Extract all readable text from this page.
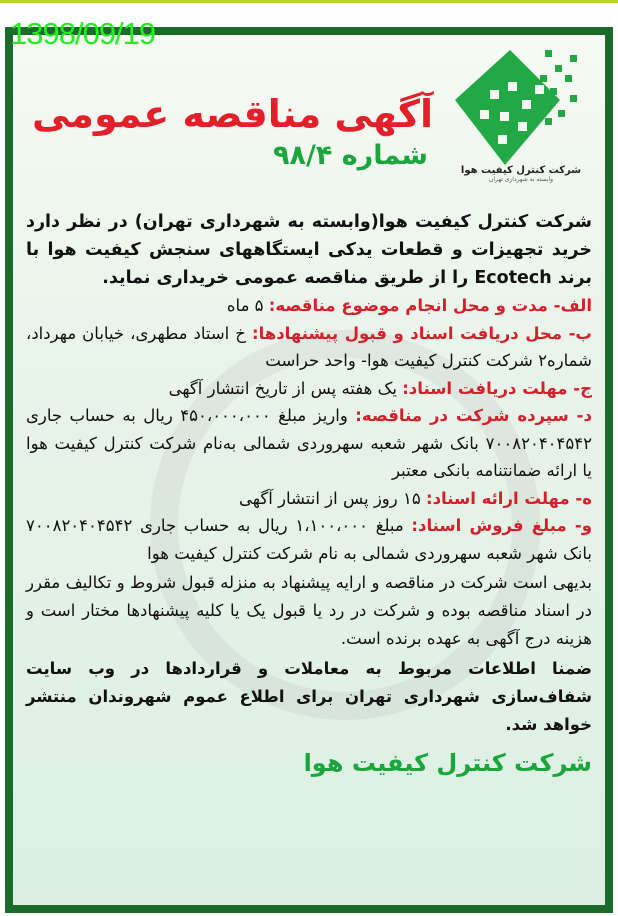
1398/09/19
شرکت کنترل کیفیت هوا
وابسته به شهرداری تهران
آگهی مناقصه عمومی
شماره ۹۸/۴
شرکت کنترل کیفیت هوا(وابسته به شهرداری تهران) در نظر دارد خرید تجهیزات و قطعات یدکی ایستگاههای سنجش کیفیت هوا با برند Ecotech را از طریق مناقصه عمومی خریداری نماید.
الف- مدت و محل انجام موضوع مناقصه: ۵ ماه
ب- محل دریافت اسناد و قبول پیشنهادها: خ استاد مطهری، خیابان مهرداد، شماره۲ شرکت کنترل کیفیت هوا- واحد حراست
ج- مهلت دریافت اسناد: یک هفته پس از تاریخ انتشار آگهی
د- سپرده شرکت در مناقصه: واریز مبلغ ۴۵۰،۰۰۰،۰۰۰ ریال به حساب جاری ۷۰۰۸۲۰۴۰۴۵۴۲ بانک شهر شعبه سهروردی شمالی به‌نام شرکت کنترل کیفیت هوا یا ارائه ضمانتنامه بانکی معتبر
ه- مهلت ارائه اسناد: ۱۵ روز پس از انتشار آگهی
و- مبلغ فروش اسناد: مبلغ ۱،۱۰۰،۰۰۰ ریال به حساب جاری ۷۰۰۸۲۰۴۰۴۵۴۲ بانک شهر شعبه سهروردی شمالی به نام شرکت کنترل کیفیت هوا
بدیهی است شرکت در مناقصه و ارایه پیشنهاد به منزله قبول شروط و تکالیف مقرر در اسناد مناقصه بوده و شرکت در رد یا قبول یک یا کلیه پیشنهادها مختار است و هزینه درج آگهی به عهده برنده است.
ضمنا اطلاعات مربوط به معاملات و قراردادها در وب سایت شفاف‌سازی شهرداری تهران برای اطلاع عموم شهروندان منتشر خواهد شد.
شرکت کنترل کیفیت هوا
